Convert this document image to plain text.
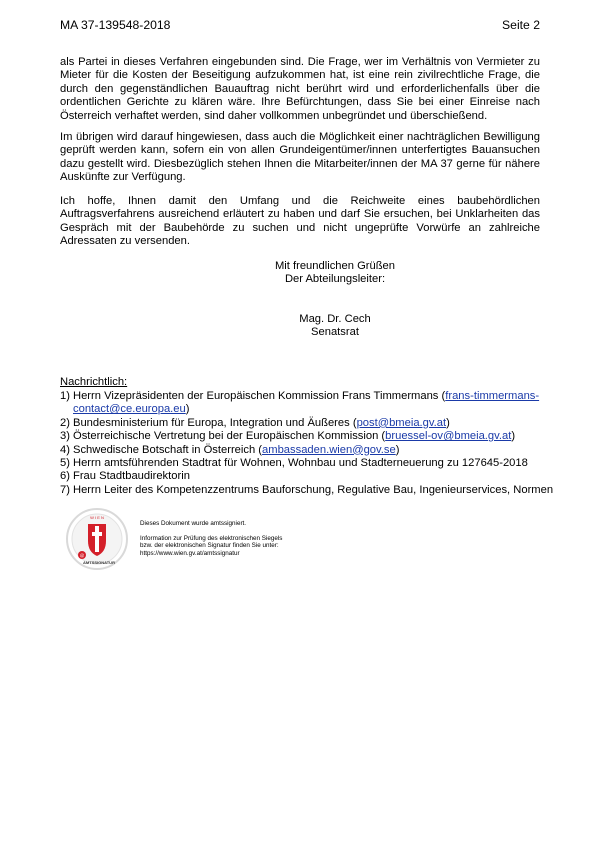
MA 37-139548-2018	Seite 2

als Partei in dieses Verfahren eingebunden sind. Die Frage, wer im Verhältnis von Vermieter zu Mieter für die Kosten der Beseitigung aufzukommen hat, ist eine rein zivilrechtliche Frage, die durch den gegenständlichen Bauauftrag nicht berührt wird und erforderlichenfalls über die ordentlichen Gerichte zu klären wäre. Ihre Befürchtungen, dass Sie bei einer Einreise nach Österreich verhaftet werden, sind daher vollkommen unbegründet und überschießend.

Im übrigen wird darauf hingewiesen, dass auch die Möglichkeit einer nachträglichen Bewilligung geprüft werden kann, sofern ein von allen Grundeigentümer/innen unterfertigtes Bauansuchen dazu gestellt wird. Diesbezüglich stehen Ihnen die Mitarbeiter/innen der MA 37 gerne für nähere Auskünfte zur Verfügung.

Ich hoffe, Ihnen damit den Umfang und die Reichweite eines baubehördlichen Auftragsverfahrens ausreichend erläutert zu haben und darf Sie ersuchen, bei Unklarheiten das Gespräch mit der Baubehörde zu suchen und nicht ungeprüfte Vorwürfe an zahlreiche Adressaten zu versenden.

Mit freundlichen Grüßen
Der Abteilungsleiter:
Mag. Dr. Cech
Senatsrat
Nachrichtlich:
1) Herrn Vizepräsidenten der Europäischen Kommission Frans Timmermans (frans-timmermans-
contact@ce.europa.eu)
2) Bundesministerium für Europa, Integration und Äußeres (post@bmeia.gv.at)
3) Österreichische Vertretung bei der Europäischen Kommission (bruessel-ov@bmeia.gv.at)
4) Schwedische Botschaft in Österreich (ambassaden.wien@gov.se)
5) Herrn amtsführenden Stadtrat für Wohnen, Wohnbau und Stadterneuerung zu 127645-2018
6) Frau Stadtbaudirektorin
7) Herrn Leiter des Kompetenzzentrums Bauforschung, Regulative Bau, Ingenieurservices, Normen
W I E N
@
AMTSSIGNATUR
Dieses Dokument wurde amtssigniert.
Information zur Prüfung des elektronischen Siegels
bzw. der elektronischen Signatur finden Sie unter:
https://www.wien.gv.at/amtssignatur
